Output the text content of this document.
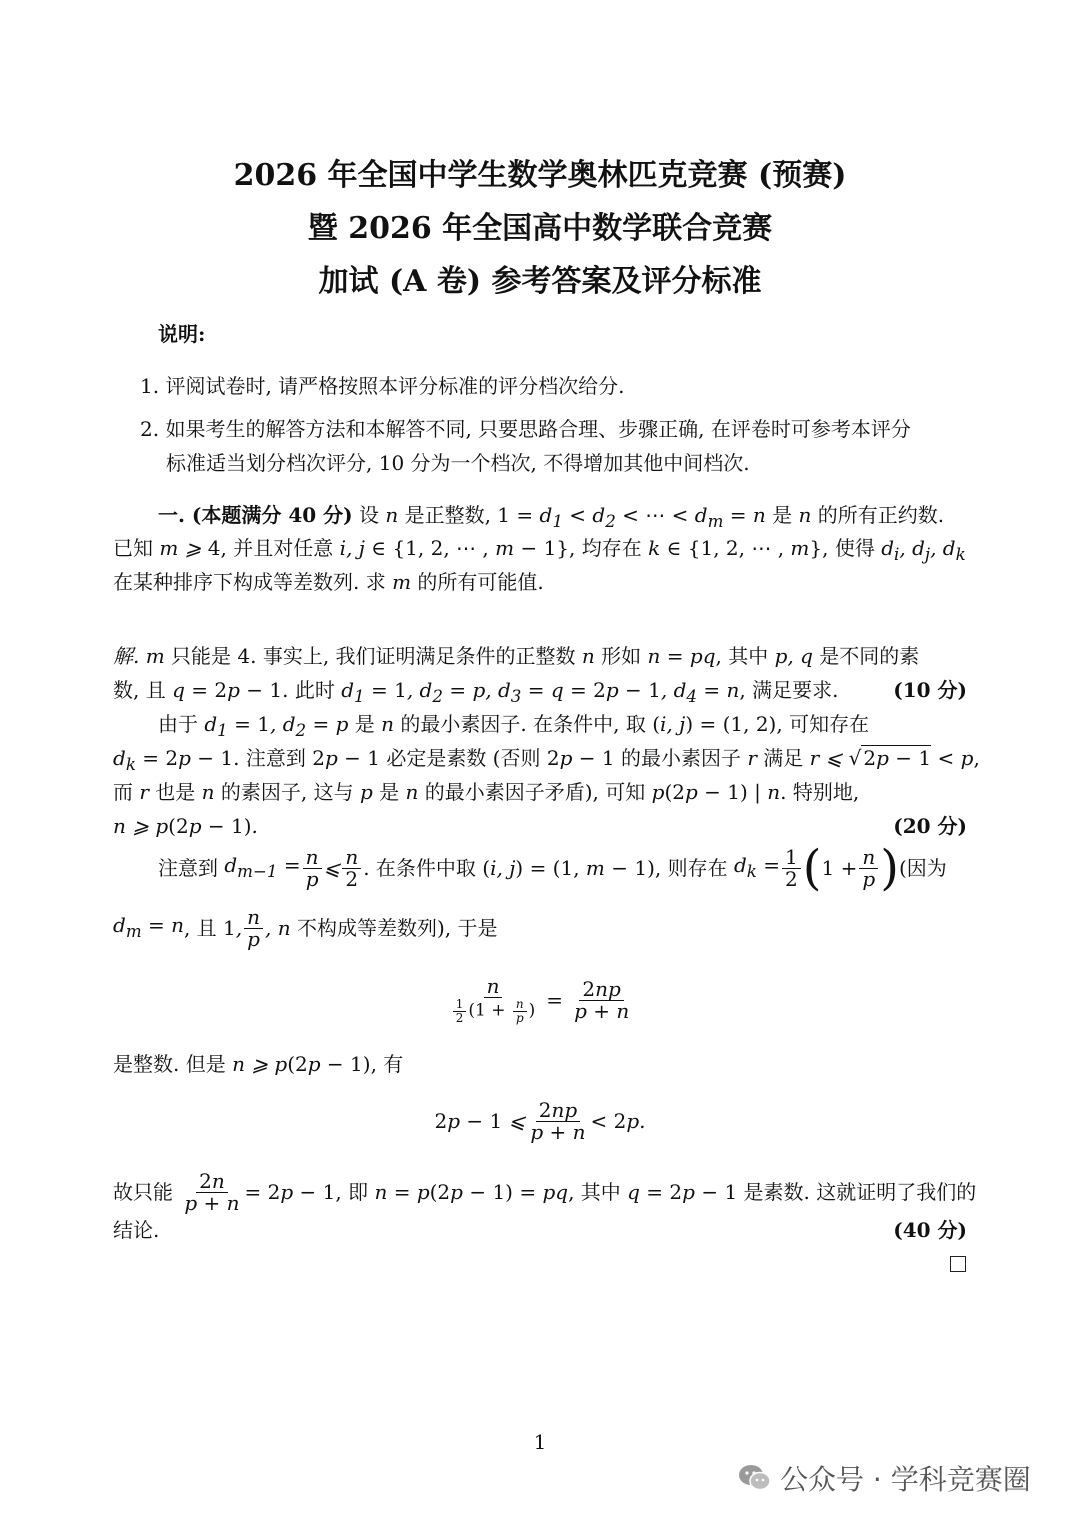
2026 年全国中学生数学奥林匹克竞赛 (预赛)
暨 2026 年全国高中数学联合竞赛
加试 (A 卷) 参考答案及评分标准
说明:
1. 评阅试卷时, 请严格按照本评分标准的评分档次给分.
2. 如果考生的解答方法和本解答不同, 只要思路合理、步骤正确, 在评卷时可参考本评分
标准适当划分档次评分, 10 分为一个档次, 不得增加其他中间档次.
一. (本题满分 40 分) 设 n 是正整数, $1 = d_1 < d_2$ < ⋯ < $d_m = n$ 是 n 的所有正约数.
已知 m ⩾ 4, 并且对任意 i, j ∈ {1, 2, ⋯ , m − 1}, 均存在 k ∈ {1, 2, ⋯ , m}, 使得 $d_i$, $d_j$, $d_k$
在某种排序下构成等差数列. 求 m 的所有可能值.
解. m 只能是 4. 事实上, 我们证明满足条件的正整数 n 形如 n = pq, 其中 p, q 是不同的素
数, 且 q = 2p − 1. 此时 $d_1 = 1$, $d_2 = p$, $d_3 = q = 2p - 1$, $d_4 = n$, 满足要求.	(10 分)
由于 $d_1 = 1$, $d_2 = p$ 是 n 的最小素因子. 在条件中, 取 (i, j) = (1, 2), 可知存在
$d_k = 2p - 1$. 注意到 2p − 1 必定是素数 (否则 2p − 1 的最小素因子 r 满足 r ⩽ √ 2p − 1 < p,
而 r 也是 n 的素因子, 这与 p 是 n 的最小素因子矛盾), 可知 p(2p − 1) | n. 特别地,
n ⩾ p(2p − 1).	(20 分)
注意到
$d_{m-1} = \frac{n}{p}$ ⩽ $\frac{n}{2}$ . 在条件中取
(i, j) = (1, m − 1) , 则存在
$d_k = \frac{1}{2}$ ( $1 + \frac{n}{p}$ ) (因为
$d_m = n$ , 且
1, $\frac{n}{p}$ , n
不构成等差数列), 于是
$\frac{n}{\frac{1}{2} (1 + \frac{n}{p} )} = \frac{2np}{p + n}$
是整数. 但是 n ⩾ p(2p − 1), 有
2p − 1 ⩽ $\frac{2np}{p + n} < 2p$.
故只能
$\frac{2n}{p + n} = 2p - 1$ , 即
n = p(2p − 1) = pq , 其中
q = 2p − 1
是素数. 这就证明了我们的
结论.	(40 分)
1
公众号 · 学科竞赛圈
